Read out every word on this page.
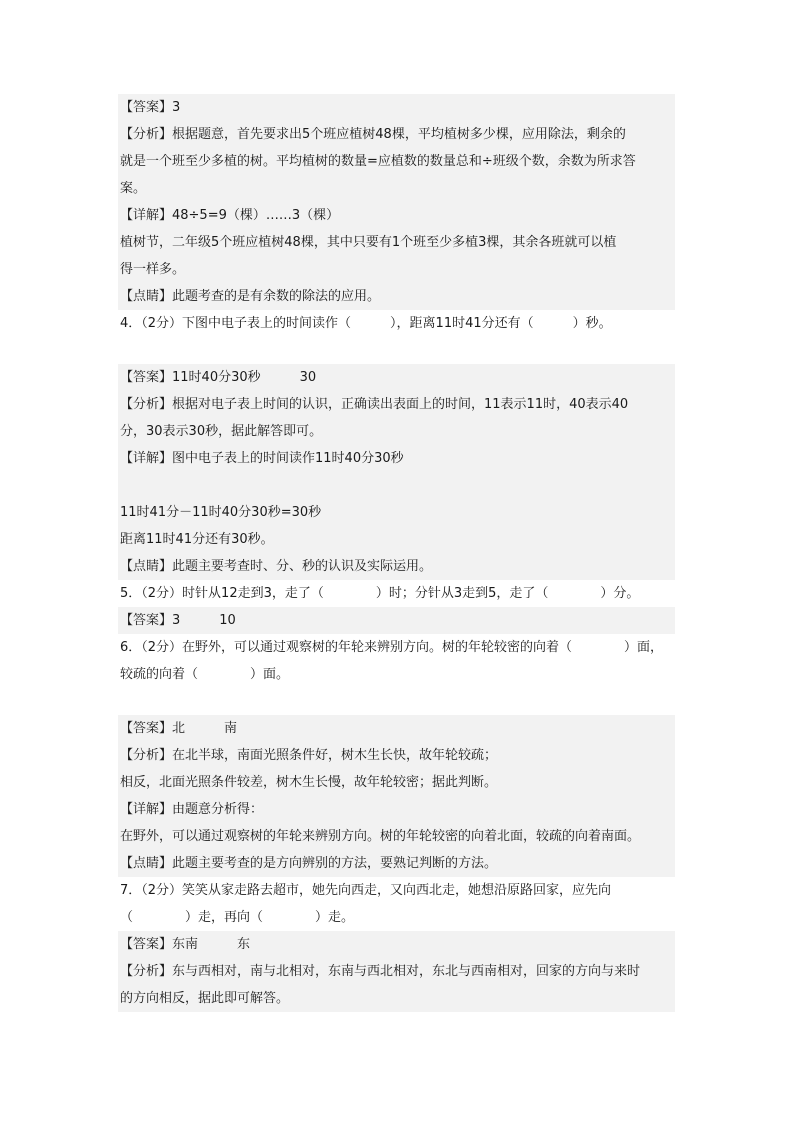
【答案】3
【分析】根据题意，首先要求出5个班应植树48棵，平均植树多少棵，应用除法，剩余的
就是一个班至少多植的树。平均植树的数量=应植数的数量总和÷班级个数，余数为所求答
案。
【详解】48÷5=9（棵）……3（棵）
植树节，二年级5个班应植树48棵，其中只要有1个班至少多植3棵，其余各班就可以植
得一样多。
【点睛】此题考查的是有余数的除法的应用。
4．（2分）下图中电子表上的时间读作（　　　），距离11时41分还有（　　　）秒。
【答案】11时40分30秒　　　30
【分析】根据对电子表上时间的认识，正确读出表面上的时间，11表示11时，40表示40
分，30表示30秒，据此解答即可。
【详解】图中电子表上的时间读作11时40分30秒
11时41分－11时40分30秒=30秒
距离11时41分还有30秒。
【点睛】此题主要考查时、分、秒的认识及实际运用。
5．（2分）时针从12走到3，走了（　　　　）时；分针从3走到5，走了（　　　　）分。
【答案】3　　　10
6．（2分）在野外，可以通过观察树的年轮来辨别方向。树的年轮较密的向着（　　　　）面，
较疏的向着（　　　　）面。
【答案】北　　　南
【分析】在北半球，南面光照条件好，树木生长快，故年轮较疏；
相反，北面光照条件较差，树木生长慢，故年轮较密；据此判断。
【详解】由题意分析得：
在野外，可以通过观察树的年轮来辨别方向。树的年轮较密的向着北面，较疏的向着南面。
【点睛】此题主要考查的是方向辨别的方法，要熟记判断的方法。
7．（2分）笑笑从家走路去超市，她先向西走，又向西北走，她想沿原路回家，应先向
（　　　　）走，再向（　　　　）走。
【答案】东南　　　东
【分析】东与西相对，南与北相对，东南与西北相对，东北与西南相对，回家的方向与来时
的方向相反，据此即可解答。
